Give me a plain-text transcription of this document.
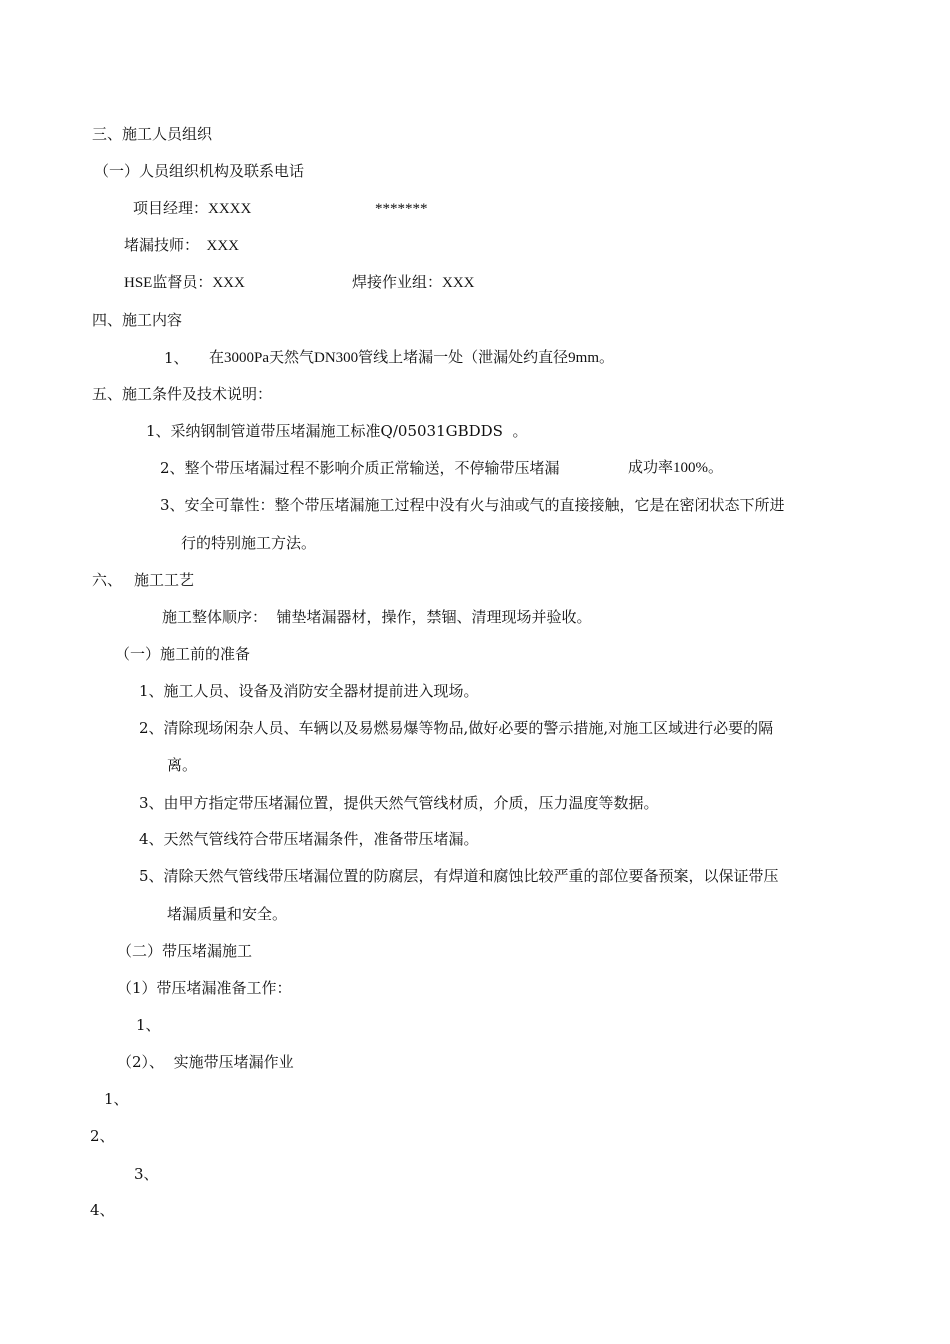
三、施工人员组织
（一）人员组织机构及联系电话
项目经理：XXXX	*******
堵漏技师：  XXX
HSE监督员：XXX	焊接作业组：XXX
四、施工内容
1、 在3000Pa天然气DN300管线上堵漏一处（泄漏处约直径9mm。
五、施工条件及技术说明：
1、采纳钢制管道带压堵漏施工标准Q/05031GBDDS  。
2、整个带压堵漏过程不影响介质正常输送，不停输带压堵漏	成功率100%。
3、安全可靠性：整个带压堵漏施工过程中没有火与油或气的直接接触，它是在密闭状态下所进
行的特别施工方法。
六、 施工工艺
施工整体顺序：  铺垫堵漏器材，操作，禁锢、清理现场并验收。
（一）施工前的准备
1、施工人员、设备及消防安全器材提前进入现场。
2、清除现场闲杂人员、车辆以及易燃易爆等物品,做好必要的警示措施,对施工区域进行必要的隔
离。
3、由甲方指定带压堵漏位置，提供天然气管线材质，介质，压力温度等数据。
4、天然气管线符合带压堵漏条件，准备带压堵漏。
5、清除天然气管线带压堵漏位置的防腐层，有焊道和腐蚀比较严重的部位要备预案，以保证带压
堵漏质量和安全。
（二）带压堵漏施工
（1）带压堵漏准备工作：
1、
（2）、  实施带压堵漏作业
1、
2、
3、
4、
